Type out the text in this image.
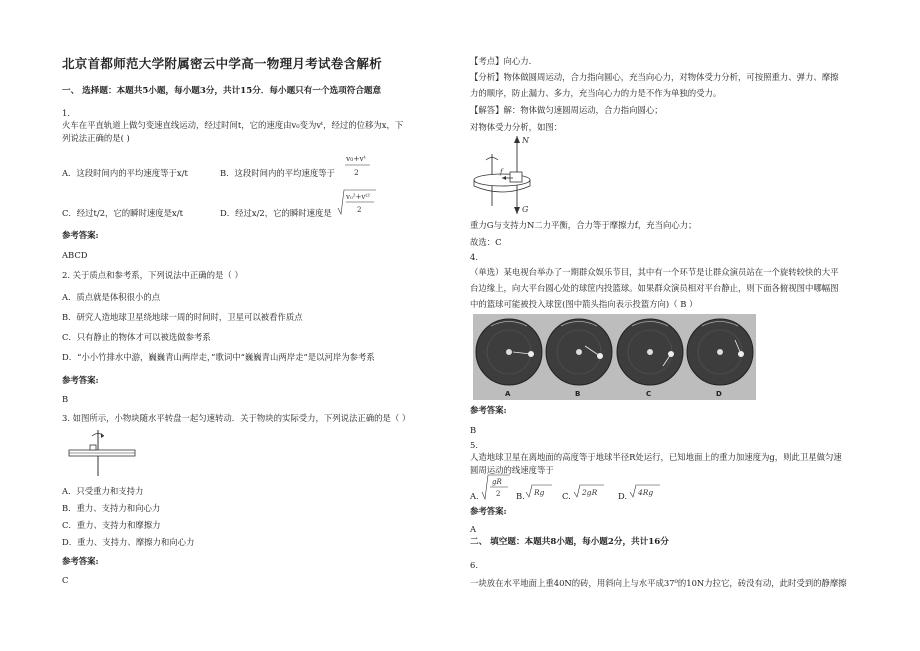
北京首都师范大学附属密云中学高一物理月考试卷含解析
一、 选择题：本题共5小题，每小题3分，共计15分．每小题只有一个选项符合题意
1.
火车在平直轨道上做匀变速直线运动，经过时间t，它的速度由v₀变为vᵗ，经过的位移为x，下
列说法正确的是( )
A．这段时间内的平均速度等于x/t	B．这段时间内的平均速度等于
v₀+vᵗ
2
C．经过t/2，它的瞬时速度是x/t	D．经过x/2，它的瞬时速度是
v₀²+vᵗ²
2
参考答案:
ABCD
2. 关于质点和参考系，下列说法中正确的是（ ）
A．质点就是体积很小的点
B．研究人造地球卫星绕地球一周的时间时，卫星可以被看作质点
C．只有静止的物体才可以被选做参考系
D．“小小竹排水中游，巍巍青山两岸走，”歌词中“巍巍青山两岸走”是以河岸为参考系
参考答案:
B
3. 如图所示，小物块随水平转盘一起匀速转动．关于物块的实际受力，下列说法正确的是（ ）
A．只受重力和支持力
B．重力、支持力和向心力
C．重力、支持力和摩擦力
D．重力、支持力、摩擦力和向心力
参考答案:
C
【考点】向心力.
【分析】物体做圆周运动，合力指向圆心，充当向心力，对物体受力分析，可按照重力、弹力、摩擦
力的顺序，防止漏力、多力，充当向心力的力是不作为单独的受力。
【解答】解：物体做匀速圆周运动，合力指向圆心；
对物体受力分析，如图：
N
f
G
重力G与支持力N二力平衡，合力等于摩擦力f，充当向心力；
故选：C
4.
（单选）某电视台举办了一期群众娱乐节目，其中有一个环节是让群众演员站在一个旋转较快的大平
台边缘上，向大平台圆心处的球筐内投篮球。如果群众演员相对平台静止，则下面各俯视图中哪幅图
中的篮球可能被投入球筐(图中箭头指向表示投篮方向)（ B ）
A	B	C	D
参考答案:
B
5.
人造地球卫星在离地面的高度等于地球半径R处运行，已知地面上的重力加速度为g，则此卫星做匀速
圆周运动的线速度等于
A.
gR
2 B. Rg C. 2gR D. 4Rg
参考答案:
A
二、 填空题：本题共8小题，每小题2分，共计16分
6.
一块放在水平地面上重40N的砖，用斜向上与水平成37⁰的10N力拉它，砖没有动，此时受到的静摩擦
